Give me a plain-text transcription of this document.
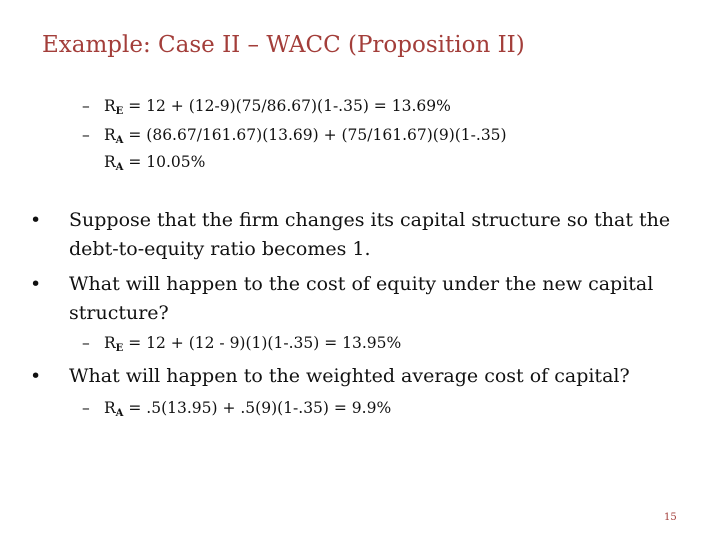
Example: Case II – WACC (Proposition II)
– $R_E = 12 + (12-9)(75/86.67)(1-.35) = 13.69\%$
– $R_A = (86.67/161.67)(13.69) + (75/161.67)(9)(1-.35)$
$R_A = 10.05\%$
• Suppose that the firm changes its capital structure so that the debt-to-equity ratio becomes 1.
• What will happen to the cost of equity under the new capital structure?
– $R_E = 12 + (12 - 9)(1)(1-.35) = 13.95\%$
• What will happen to the weighted average cost of capital?
– $R_A = .5(13.95) + .5(9)(1-.35) = 9.9\%$
15
